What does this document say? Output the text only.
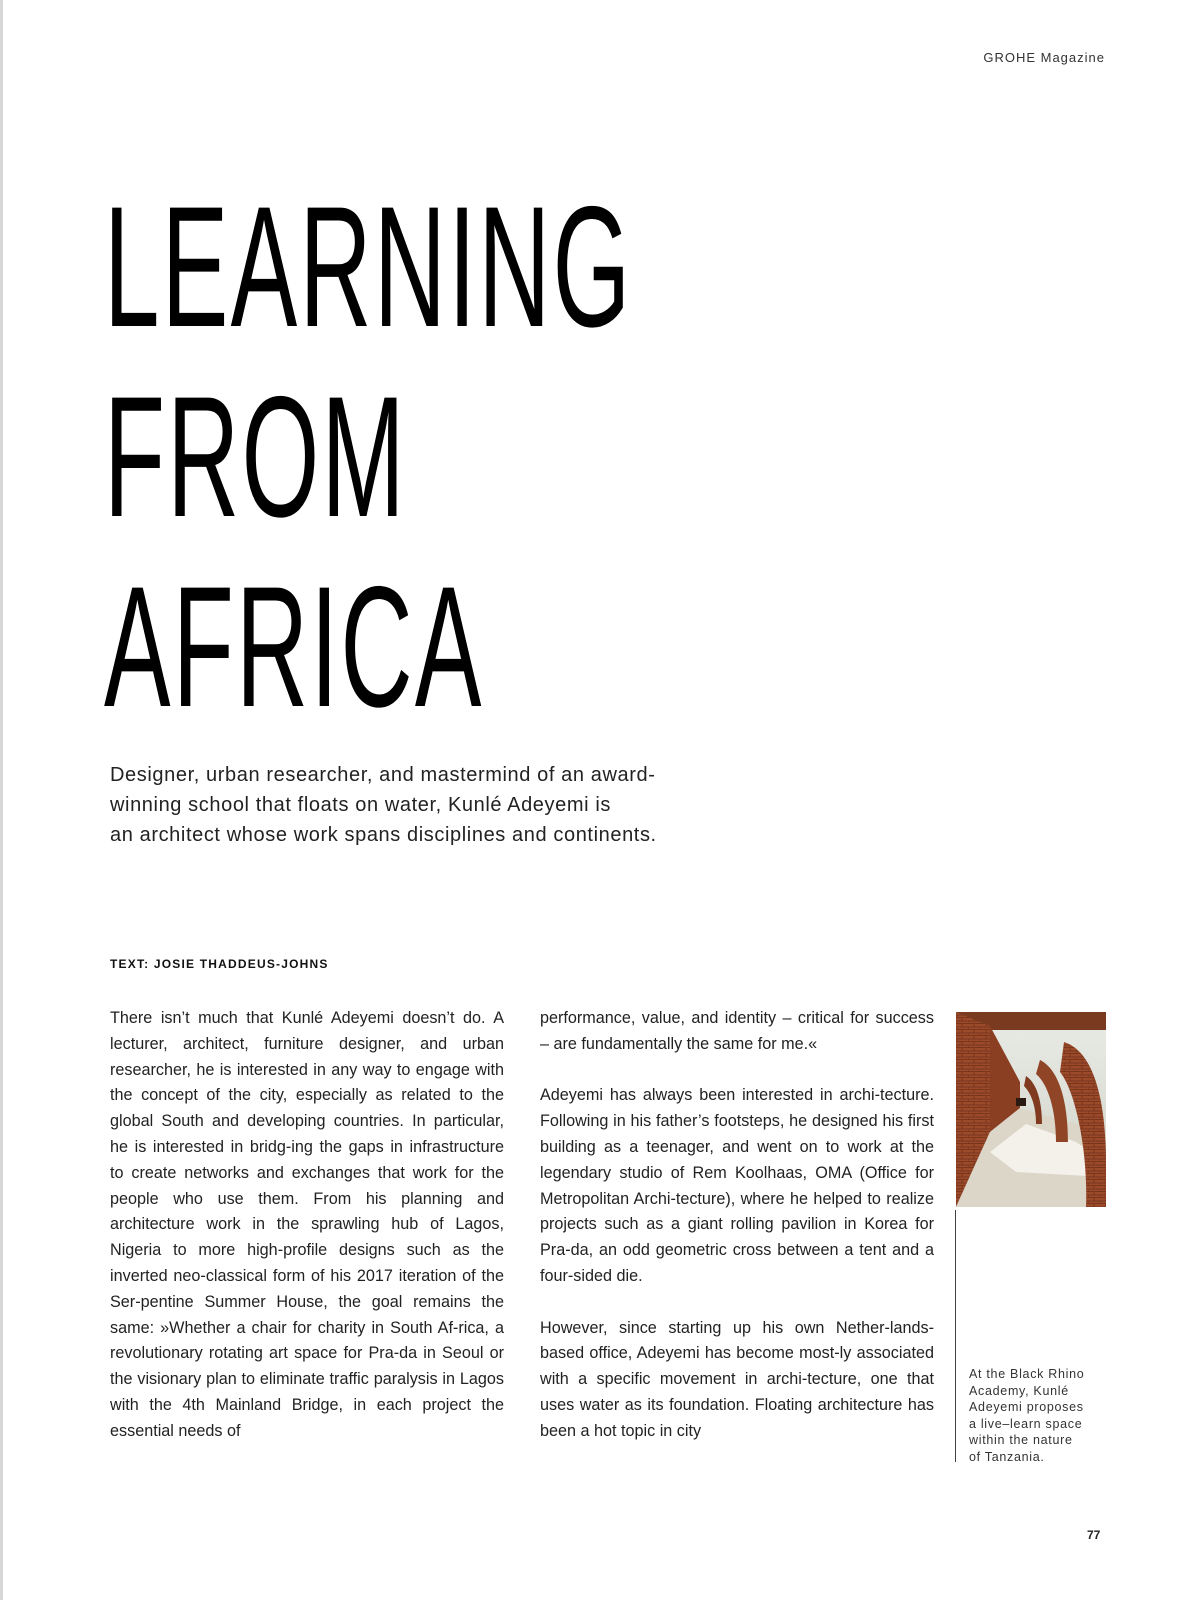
GROHE Magazine
LEARNING
FROM
AFRICA
Designer, urban researcher, and mastermind of an award-
winning school that floats on water, Kunlé Adeyemi is
an architect whose work spans disciplines and continents.
TEXT: JOSIE THADDEUS-JOHNS

There isn’t much that Kunlé Adeyemi doesn’t do. A lecturer, architect, furniture designer, and urban researcher, he is interested in any way to engage with the concept of the city, especially as related to the global South and developing countries. In particular, he is interested in bridg-ing the gaps in infrastructure to create networks and exchanges that work for the people who use them. From his planning and architecture work in the sprawling hub of Lagos, Nigeria to more high-profile designs such as the inverted neo-classical form of his 2017 iteration of the Ser-pentine Summer House, the goal remains the same: »Whether a chair for charity in South Af-rica, a revolutionary rotating art space for Pra-da in Seoul or the visionary plan to eliminate traffic paralysis in Lagos with the 4th Mainland Bridge, in each project the essential needs of

performance, value, and identity – critical for success – are fundamentally the same for me.«

Adeyemi has always been interested in archi-tecture. Following in his father’s footsteps, he designed his first building as a teenager, and went on to work at the legendary studio of Rem Koolhaas, OMA (Office for Metropolitan Archi-tecture), where he helped to realize projects such as a giant rolling pavilion in Korea for Pra-da, an odd geometric cross between a tent and a four-sided die.

However, since starting up his own Nether-lands-based office, Adeyemi has become most-ly associated with a specific movement in archi-tecture, one that uses water as its foundation. Floating architecture has been a hot topic in city

At the Black Rhino
Academy, Kunlé
Adeyemi proposes
a live–learn space
within the nature
of Tanzania.
77
